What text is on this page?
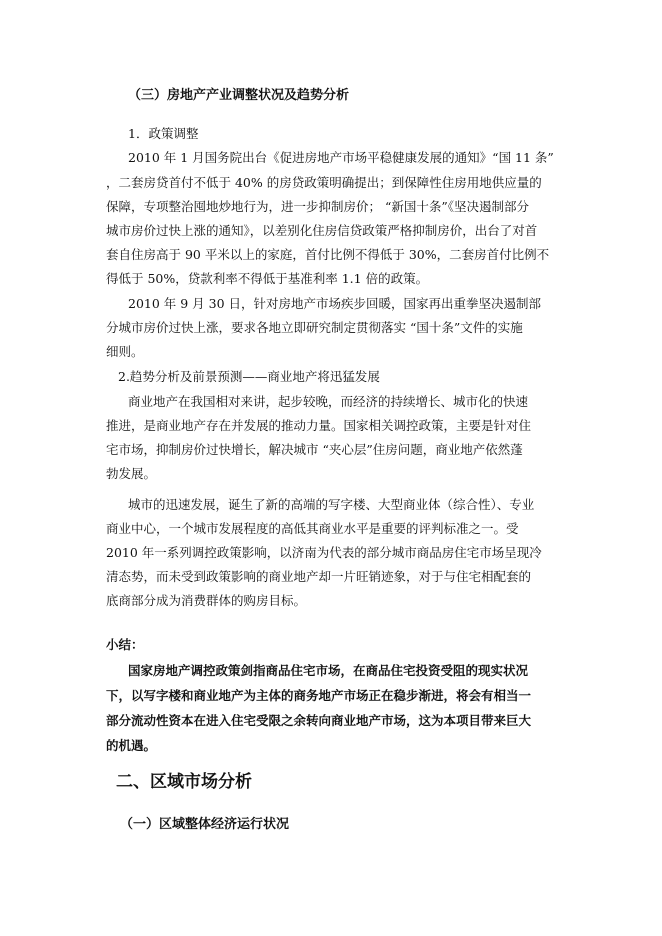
（三）房地产产业调整状况及趋势分析
1．政策调整
2010 年 1 月国务院出台《促进房地产市场平稳健康发展的通知》“国 11 条”
，二套房贷首付不低于 40% 的房贷政策明确提出；到保障性住房用地供应量的
保障，专项整治囤地炒地行为，进一步抑制房价； “新国十条”《坚决遏制部分
城市房价过快上涨的通知》，以差别化住房信贷政策严格抑制房价，出台了对首
套自住房高于 90 平米以上的家庭，首付比例不得低于 30%，二套房首付比例不
得低于 50%，贷款利率不得低于基准利率 1.1 倍的政策。
2010 年 9 月 30 日，针对房地产市场疾步回暖，国家再出重拳坚决遏制部
分城市房价过快上涨，要求各地立即研究制定贯彻落实 “国十条”文件的实施
细则。
2.趋势分析及前景预测——商业地产将迅猛发展
商业地产在我国相对来讲，起步较晚，而经济的持续增长、城市化的快速
推进，是商业地产存在并发展的推动力量。国家相关调控政策，主要是针对住
宅市场，抑制房价过快增长，解决城市 “夹心层”住房问题，商业地产依然蓬
勃发展。
城市的迅速发展，诞生了新的高端的写字楼、大型商业体（综合性）、专业
商业中心，一个城市发展程度的高低其商业水平是重要的评判标准之一。受
2010 年一系列调控政策影响，以济南为代表的部分城市商品房住宅市场呈现冷
清态势，而未受到政策影响的商业地产却一片旺销迹象，对于与住宅相配套的
底商部分成为消费群体的购房目标。
小结：
国家房地产调控政策剑指商品住宅市场，在商品住宅投资受阻的现实状况
下，以写字楼和商业地产为主体的商务地产市场正在稳步渐进，将会有相当一
部分流动性资本在进入住宅受限之余转向商业地产市场，这为本项目带来巨大
的机遇。
二、区域市场分析
（一）区域整体经济运行状况
